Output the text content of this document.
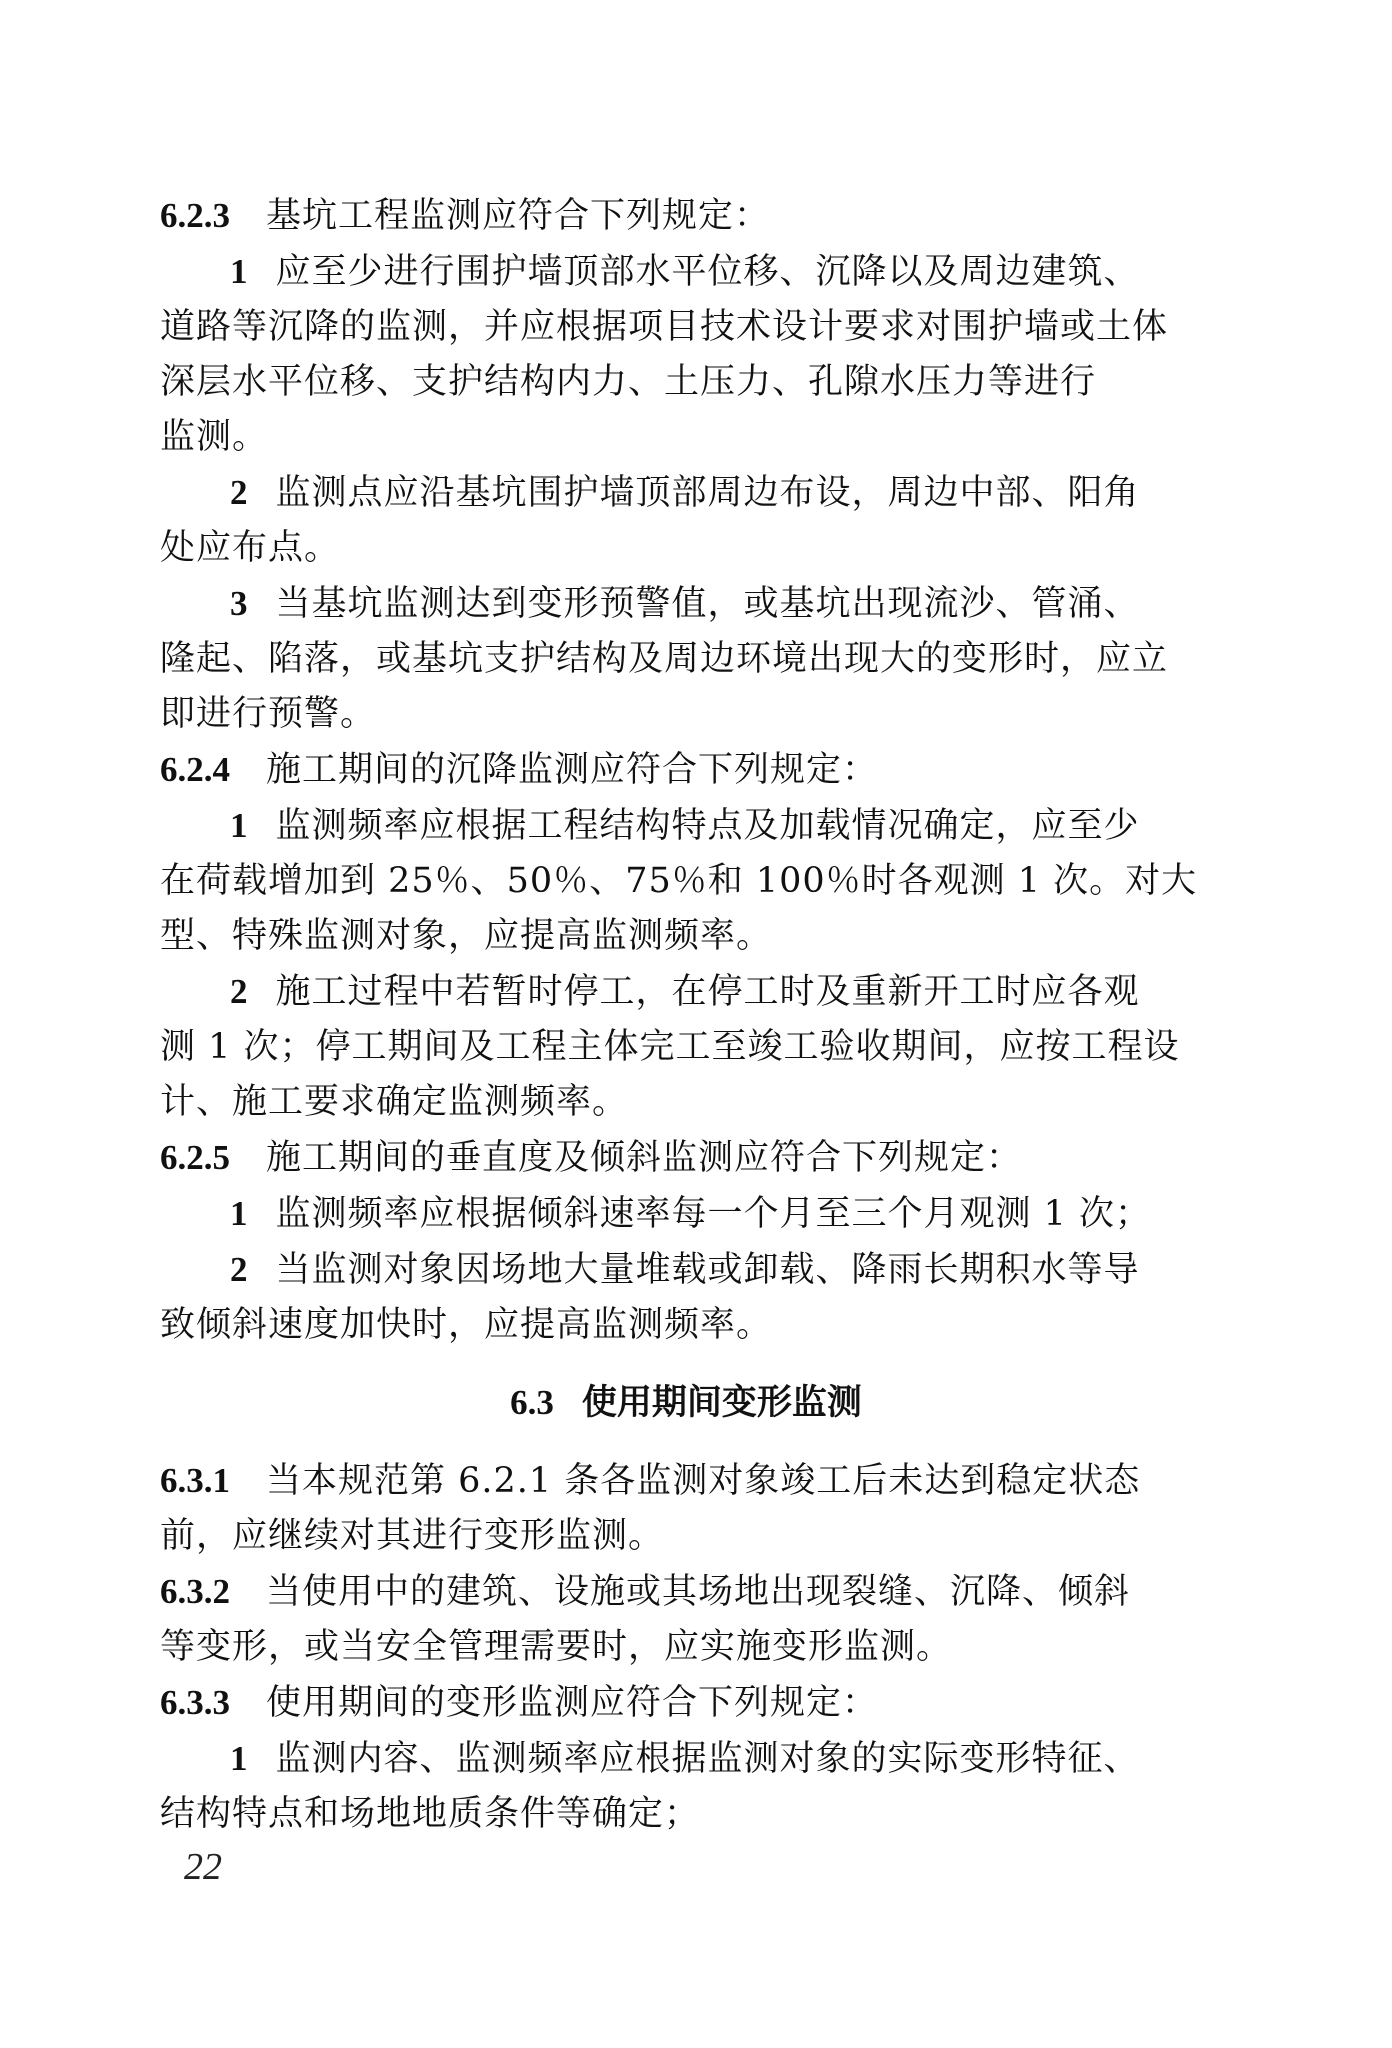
6.2.3 基坑工程监测应符合下列规定：
1 应至少进行围护墙顶部水平位移、沉降以及周边建筑、
道路等沉降的监测，并应根据项目技术设计要求对围护墙或土体
深层水平位移、支护结构内力、土压力、孔隙水压力等进行
监测。
2 监测点应沿基坑围护墙顶部周边布设，周边中部、阳角
处应布点。
3 当基坑监测达到变形预警值，或基坑出现流沙、管涌、
隆起、陷落，或基坑支护结构及周边环境出现大的变形时，应立
即进行预警。
6.2.4 施工期间的沉降监测应符合下列规定：
1 监测频率应根据工程结构特点及加载情况确定，应至少
在荷载增加到 25％、50％、75％和 100％时各观测 1 次。对大
型、特殊监测对象，应提高监测频率。
2 施工过程中若暂时停工，在停工时及重新开工时应各观
测 1 次；停工期间及工程主体完工至竣工验收期间，应按工程设
计、施工要求确定监测频率。
6.2.5 施工期间的垂直度及倾斜监测应符合下列规定：
1 监测频率应根据倾斜速率每一个月至三个月观测 1 次；
2 当监测对象因场地大量堆载或卸载、降雨长期积水等导
致倾斜速度加快时，应提高监测频率。
6.3 使用期间变形监测
6.3.1 当本规范第 6.2.1 条各监测对象竣工后未达到稳定状态
前，应继续对其进行变形监测。
6.3.2 当使用中的建筑、设施或其场地出现裂缝、沉降、倾斜
等变形，或当安全管理需要时，应实施变形监测。
6.3.3 使用期间的变形监测应符合下列规定：
1 监测内容、监测频率应根据监测对象的实际变形特征、
结构特点和场地地质条件等确定；
22
